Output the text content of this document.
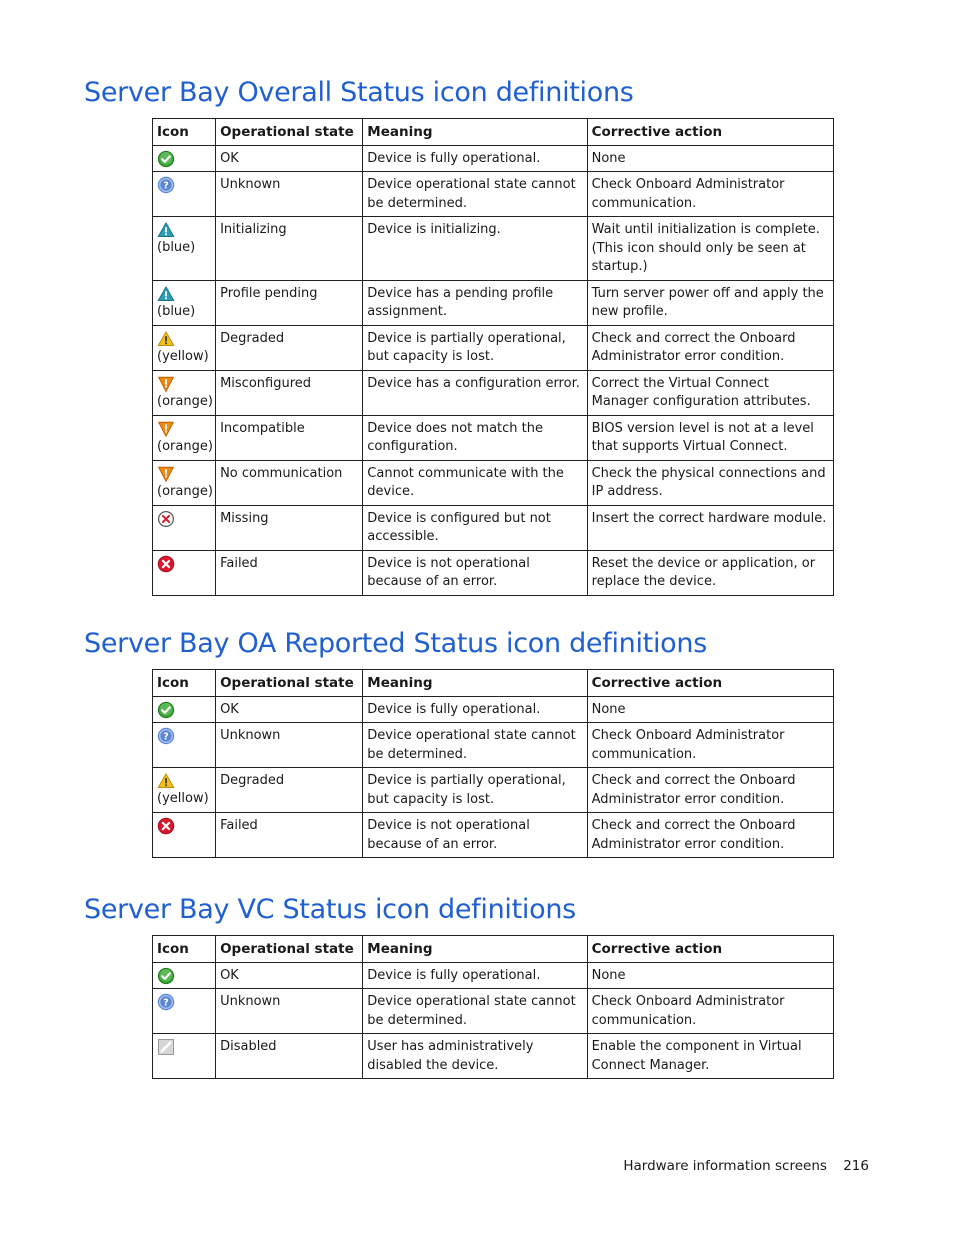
Server Bay Overall Status icon definitions
Icon	Operational state	Meaning	Corrective action

	OK	Device is fully operational.	None

?	Unknown	Device operational state cannot be determined.	Check Onboard Administrator communication.

(blue)	Initializing	Device is initializing.	Wait until initialization is complete. (This icon should only be seen at startup.)

(blue)	Profile pending	Device has a pending profile assignment.	Turn server power off and apply the new profile.

(yellow)	Degraded	Device is partially operational, but capacity is lost.	Check and correct the Onboard Administrator error condition.

(orange)	Misconfigured	Device has a configuration error.	Correct the Virtual Connect Manager configuration attributes.

(orange)	Incompatible	Device does not match the configuration.	BIOS version level is not at a level that supports Virtual Connect.

(orange)	No communication	Cannot communicate with the device.	Check the physical connections and IP address.

	Missing	Device is configured but not accessible.	Insert the correct hardware module.

	Failed	Device is not operational because of an error.	Reset the device or application, or replace the device.
Server Bay OA Reported Status icon definitions
Icon	Operational state	Meaning	Corrective action

	OK	Device is fully operational.	None

?	Unknown	Device operational state cannot be determined.	Check Onboard Administrator communication.

(yellow)	Degraded	Device is partially operational, but capacity is lost.	Check and correct the Onboard Administrator error condition.

	Failed	Device is not operational because of an error.	Check and correct the Onboard Administrator error condition.
Server Bay VC Status icon definitions
Icon	Operational state	Meaning	Corrective action

	OK	Device is fully operational.	None

?	Unknown	Device operational state cannot be determined.	Check Onboard Administrator communication.

	Disabled	User has administratively disabled the device.	Enable the component in Virtual Connect Manager.
Hardware information screens 216
